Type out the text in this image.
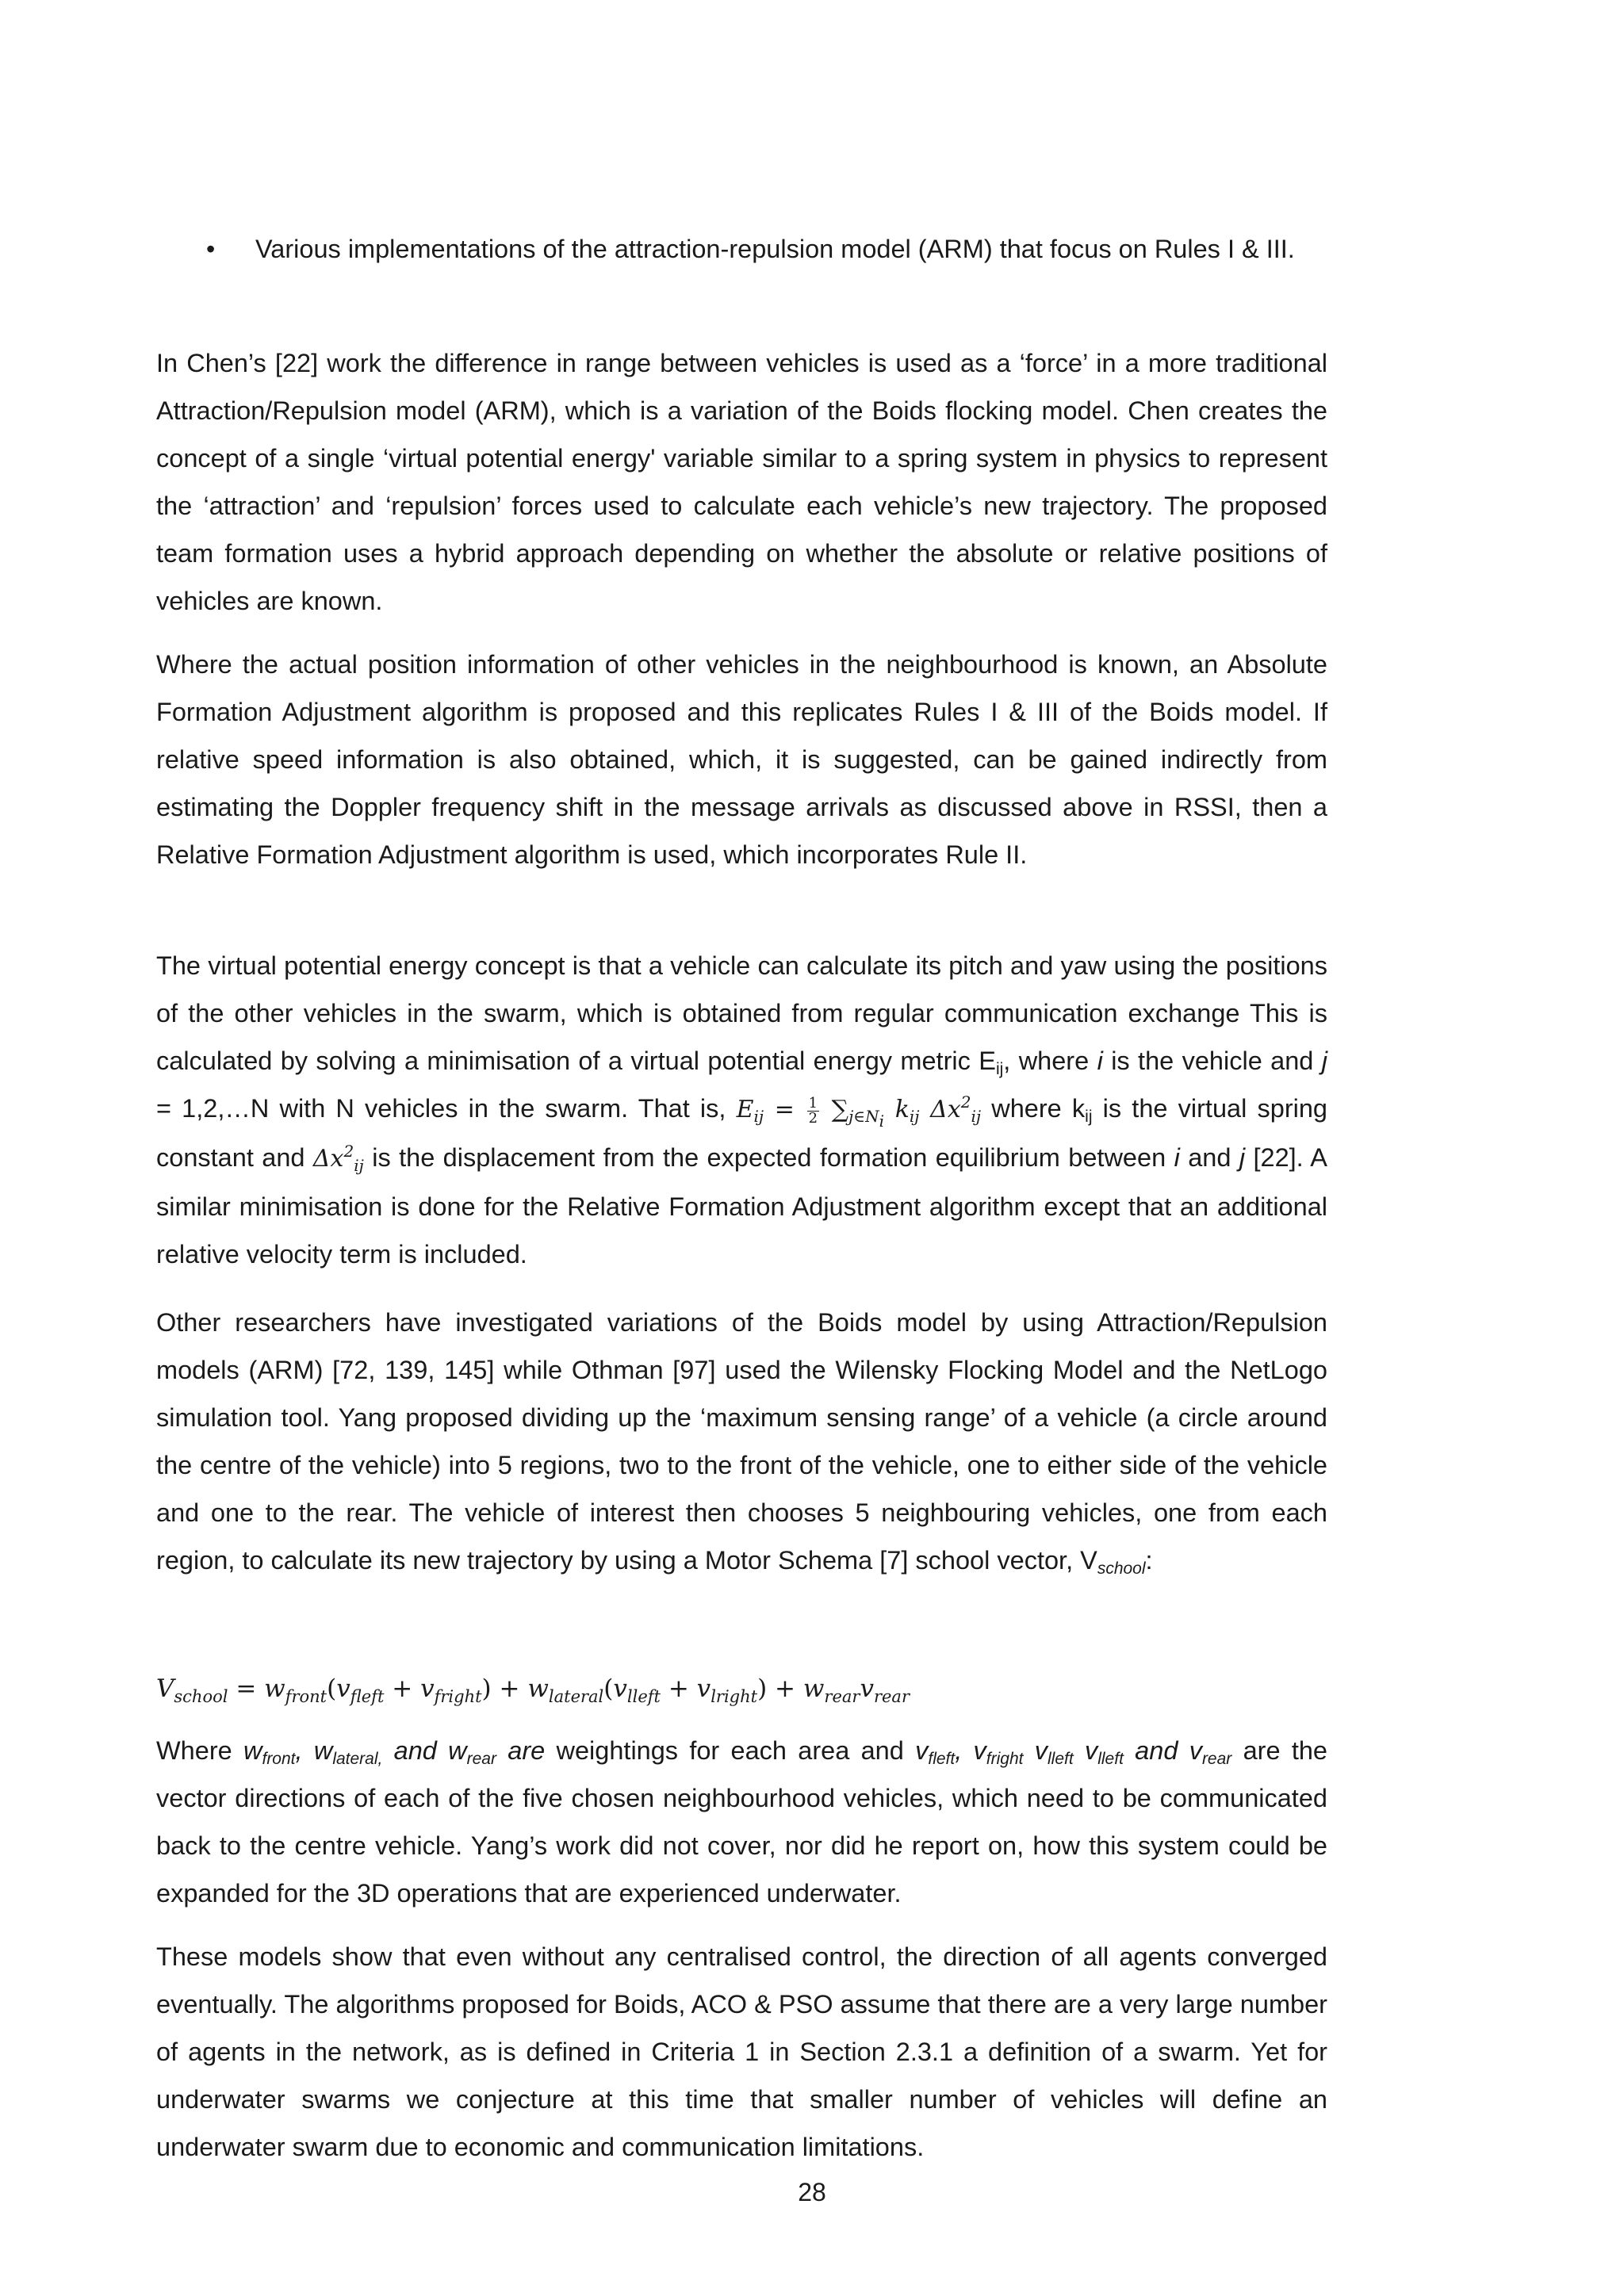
• Various implementations of the attraction-repulsion model (ARM) that focus on Rules I & III.

In Chen’s [22] work the difference in range between vehicles is used as a ‘force’ in a more traditional Attraction/Repulsion model (ARM), which is a variation of the Boids flocking model. Chen creates the concept of a single ‘virtual potential energy' variable similar to a spring system in physics to represent the ‘attraction’ and ‘repulsion’ forces used to calculate each vehicle’s new trajectory. The proposed team formation uses a hybrid approach depending on whether the absolute or relative positions of vehicles are known.

Where the actual position information of other vehicles in the neighbourhood is known, an Absolute Formation Adjustment algorithm is proposed and this replicates Rules I & III of the Boids model. If relative speed information is also obtained, which, it is suggested, can be gained indirectly from estimating the Doppler frequency shift in the message arrivals as discussed above in RSSI, then a Relative Formation Adjustment algorithm is used, which incorporates Rule II.

The virtual potential energy concept is that a vehicle can calculate its pitch and yaw using the positions of the other vehicles in the swarm, which is obtained from regular communication exchange This is calculated by solving a minimisation of a virtual potential energy metric $E_{ij}$, where i is the vehicle and j = 1,2,…N with N vehicles in the swarm. That is, $E_{ij} = \frac{1}{2} \sum_{j\in N_i}$ $k_{ij}$ $\Delta x^2_{ij}$ where $k_{ij}$ is the virtual spring constant and $\Delta x^2_{ij}$ is the displacement from the expected formation equilibrium between i and j [22]. A similar minimisation is done for the Relative Formation Adjustment algorithm except that an additional relative velocity term is included.

Other researchers have investigated variations of the Boids model by using Attraction/Repulsion models (ARM) [72, 139, 145] while Othman [97] used the Wilensky Flocking Model and the NetLogo simulation tool. Yang proposed dividing up the ‘maximum sensing range’ of a vehicle (a circle around the centre of the vehicle) into 5 regions, two to the front of the vehicle, one to either side of the vehicle and one to the rear. The vehicle of interest then chooses 5 neighbouring vehicles, one from each region, to calculate its new trajectory by using a Motor Schema [7] school vector, $V_{school}$:

$V_{school} = w_{front}(v_{fleft} + v_{fright}) + w_{lateral}(v_{lleft} + v_{lright}) + w_{rear}v_{rear}$

Where $w_{front}$, $w_{lateral,}$ and $w_{rear}$ are weightings for each area and $v_{fleft}$, $v_{fright}$ $v_{lleft}$ $v_{lleft}$ and $v_{rear}$ are the vector directions of each of the five chosen neighbourhood vehicles, which need to be communicated back to the centre vehicle. Yang’s work did not cover, nor did he report on, how this system could be expanded for the 3D operations that are experienced underwater.

These models show that even without any centralised control, the direction of all agents converged eventually. The algorithms proposed for Boids, ACO & PSO assume that there are a very large number of agents in the network, as is defined in Criteria 1 in Section 2.3.1 a definition of a swarm. Yet for underwater swarms we conjecture at this time that smaller number of vehicles will define an underwater swarm due to economic and communication limitations.

28
